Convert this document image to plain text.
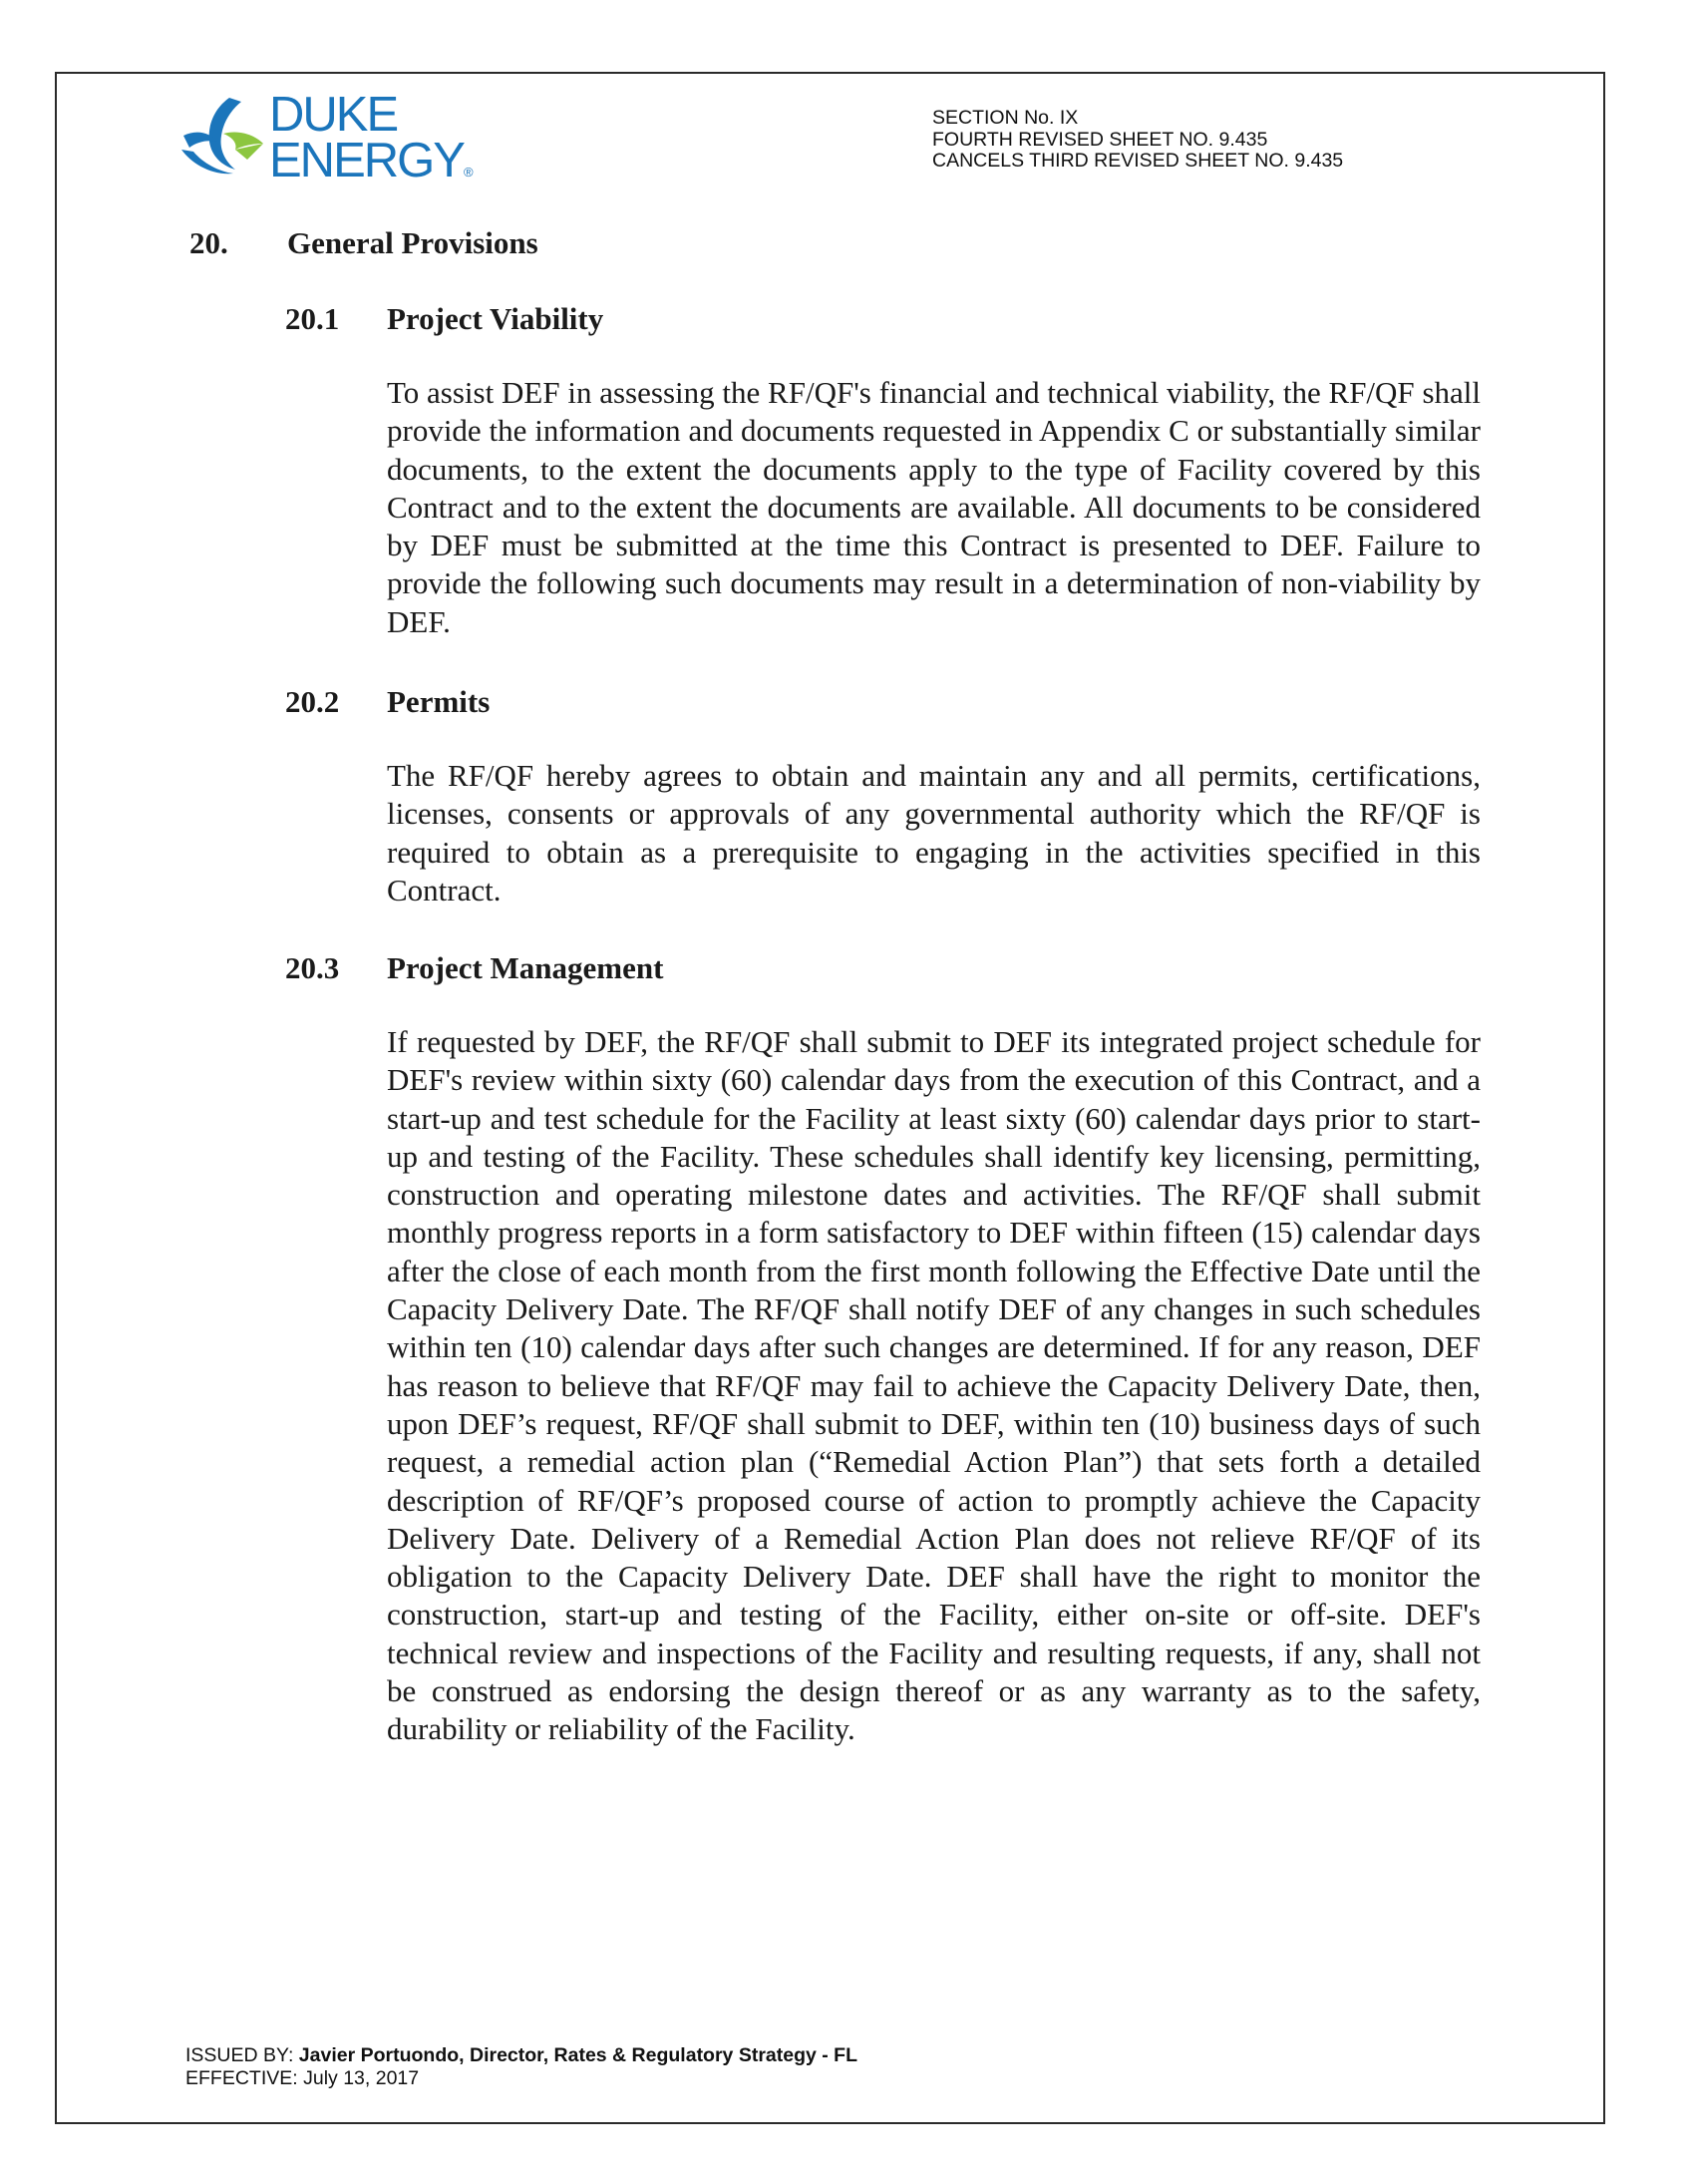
DUKE
ENERGY®
SECTION No. IX
FOURTH REVISED SHEET NO. 9.435
CANCELS THIRD REVISED SHEET NO. 9.435
20. General Provisions
20.1 Project Viability

To assist DEF in assessing the RF/QF's financial and technical viability, the RF/QF shall provide the information and documents requested in Appendix C or substantially similar documents, to the extent the documents apply to the type of Facility covered by this Contract and to the extent the documents are available. All documents to be considered by DEF must be submitted at the time this Contract is presented to DEF. Failure to provide the following such documents may result in a determination of non-viability by DEF.

20.2 Permits

The RF/QF hereby agrees to obtain and maintain any and all permits, certifications, licenses, consents or approvals of any governmental authority which the RF/QF is required to obtain as a prerequisite to engaging in the activities specified in this Contract.

20.3 Project Management

If requested by DEF, the RF/QF shall submit to DEF its integrated project schedule for DEF's review within sixty (60) calendar days from the execution of this Contract, and a start-up and test schedule for the Facility at least sixty (60) calendar days prior to start-up and testing of the Facility. These schedules shall identify key licensing, permitting, construction and operating milestone dates and activities. The RF/QF shall submit monthly progress reports in a form satisfactory to DEF within fifteen (15) calendar days after the close of each month from the first month following the Effective Date until the Capacity Delivery Date. The RF/QF shall notify DEF of any changes in such schedules within ten (10) calendar days after such changes are determined. If for any reason, DEF has reason to believe that RF/QF may fail to achieve the Capacity Delivery Date, then, upon DEF’s request, RF/QF shall submit to DEF, within ten (10) business days of such request, a remedial action plan (“Remedial Action Plan”) that sets forth a detailed description of RF/QF’s proposed course of action to promptly achieve the Capacity Delivery Date. Delivery of a Remedial Action Plan does not relieve RF/QF of its obligation to the Capacity Delivery Date. DEF shall have the right to monitor the construction, start-up and testing of the Facility, either on-site or off-site. DEF's technical review and inspections of the Facility and resulting requests, if any, shall not be construed as endorsing the design thereof or as any warranty as to the safety, durability or reliability of the Facility.

ISSUED BY: Javier Portuondo, Director, Rates & Regulatory Strategy - FL
EFFECTIVE: July 13, 2017
